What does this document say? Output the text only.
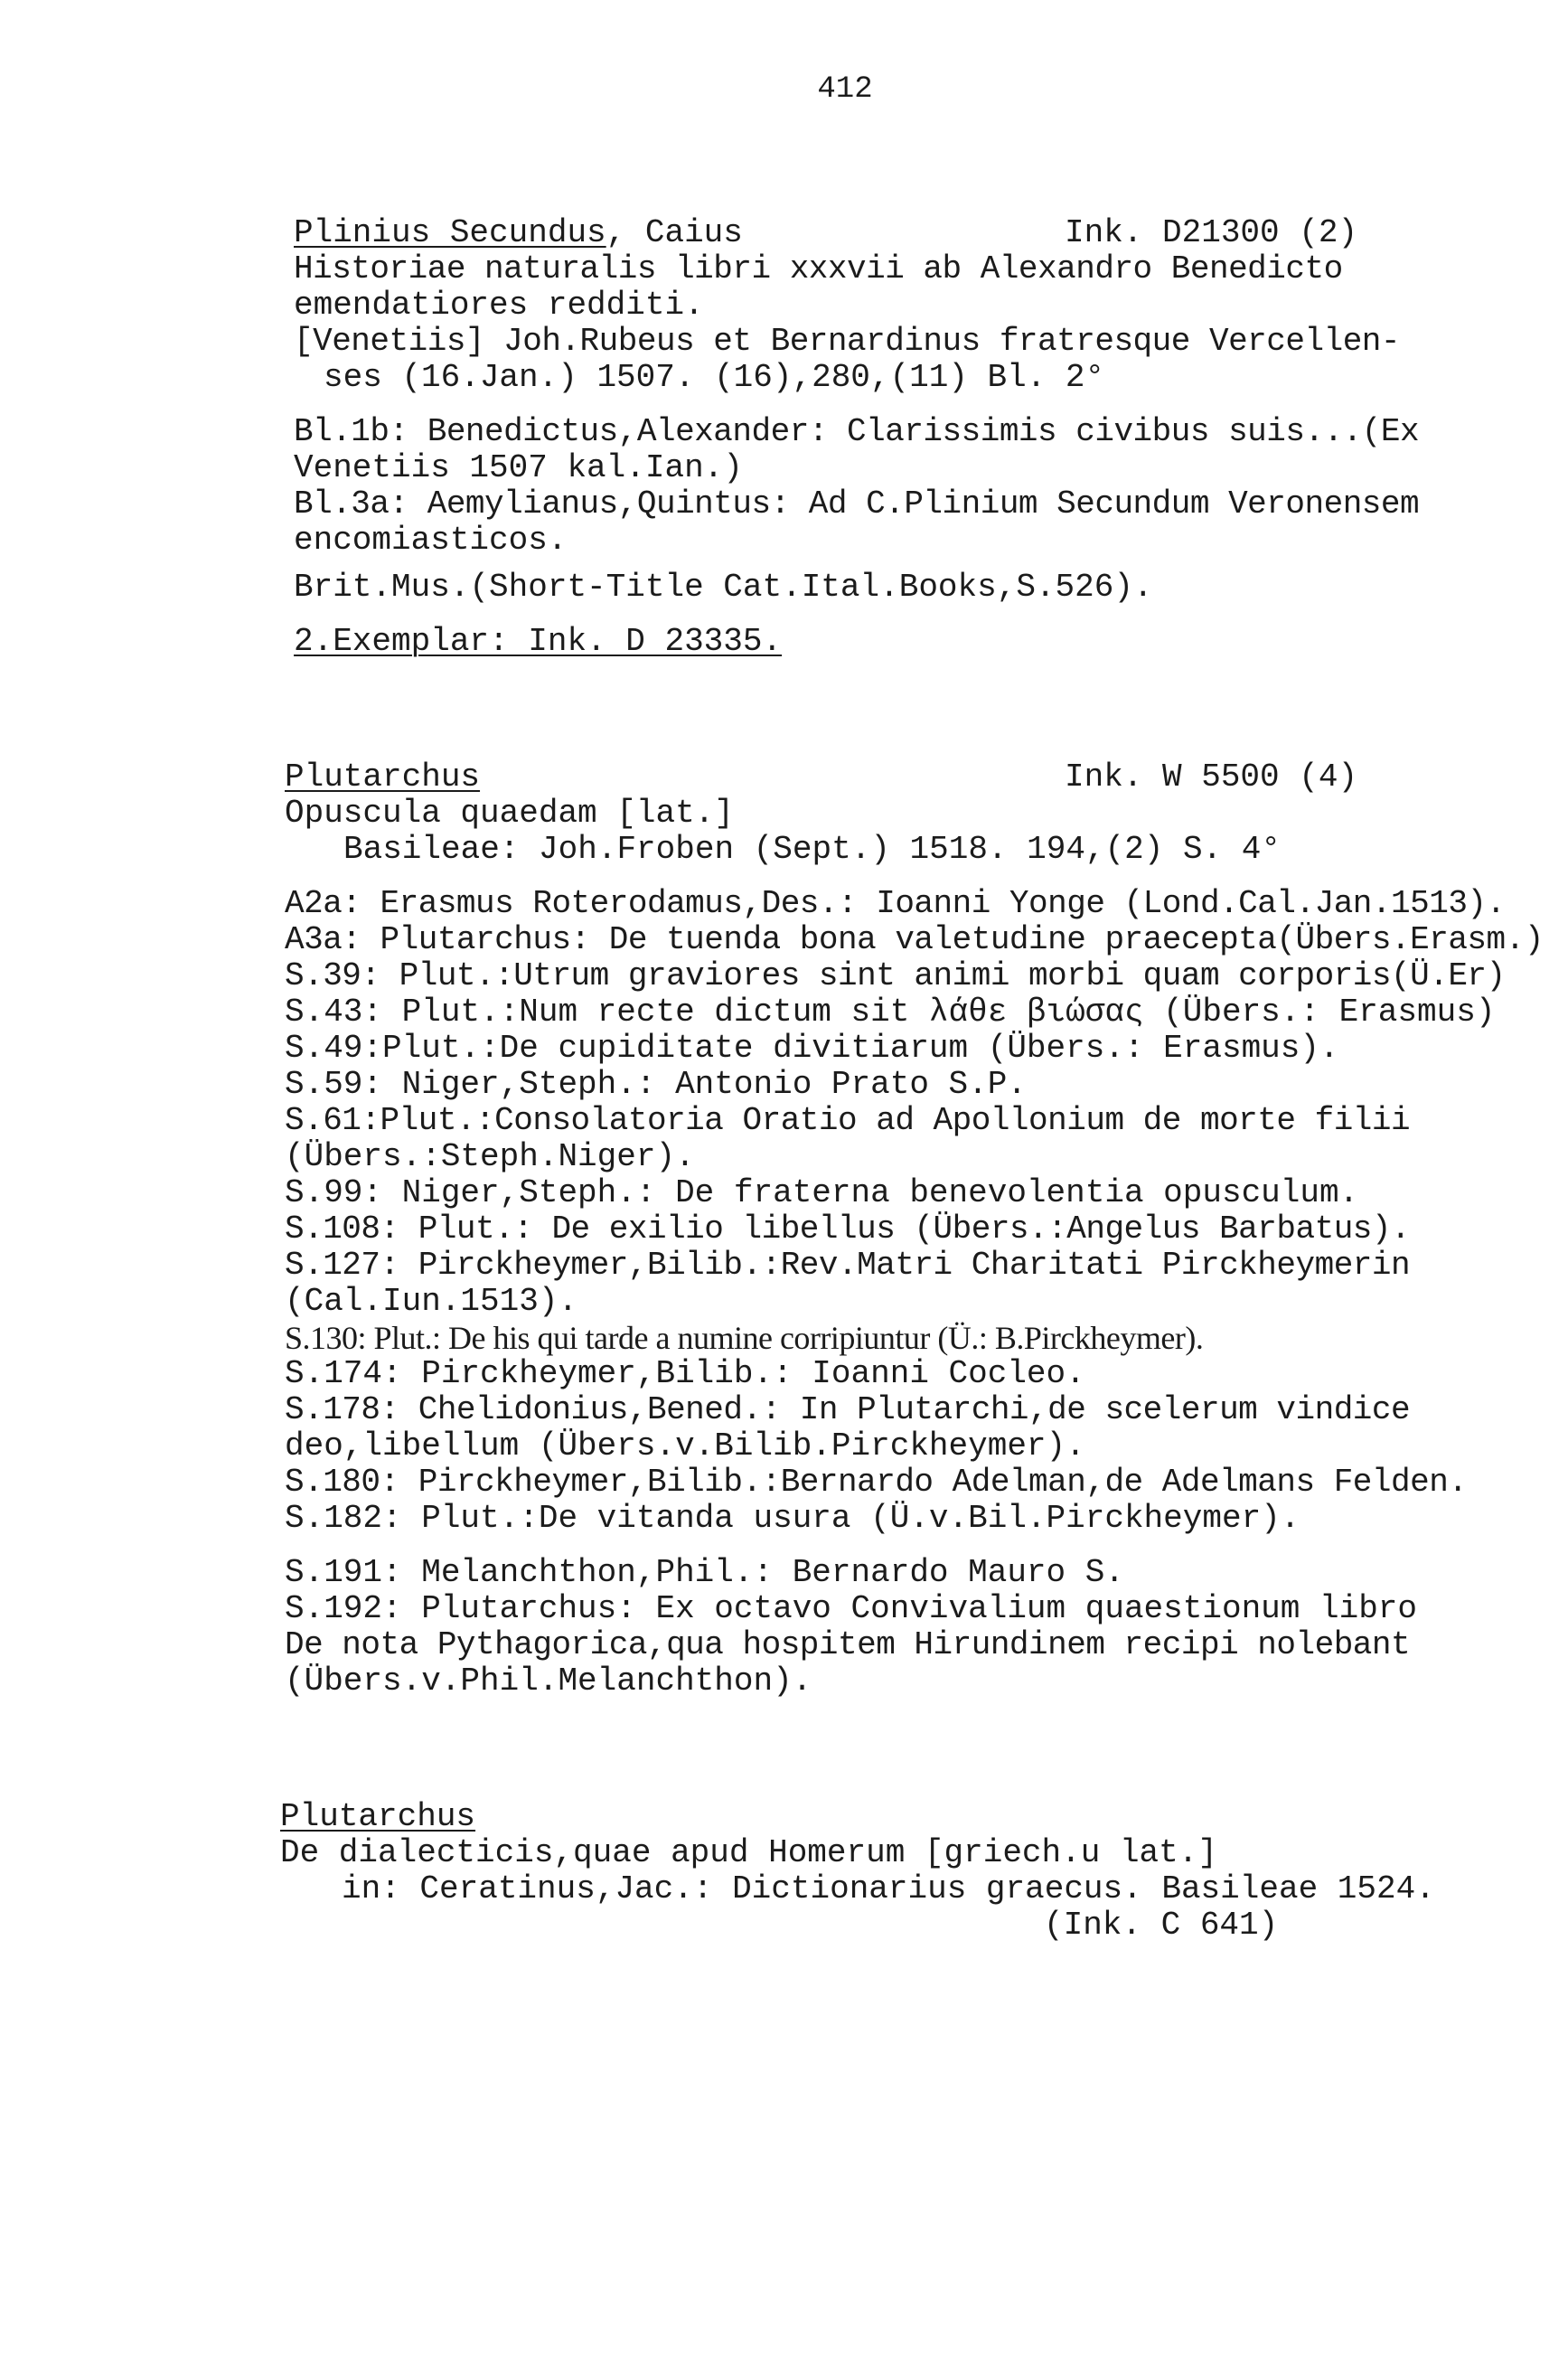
412
Plinius Secundus, Caius	Ink. D21300 (2)
Historiae naturalis libri xxxvii ab Alexandro Benedicto
emendatiores redditi.
[Venetiis] Joh.Rubeus et Bernardinus fratresque Vercellen-
ses (16.Jan.) 1507. (16),280,(11) Bl. 2°
Bl.1b: Benedictus,Alexander: Clarissimis civibus suis...(Ex
Venetiis 1507 kal.Ian.)
Bl.3a: Aemylianus,Quintus: Ad C.Plinium Secundum Veronensem
encomiasticos.
Brit.Mus.(Short-Title Cat.Ital.Books,S.526).
2.Exemplar: Ink. D 23335.
Plutarchus	Ink. W 5500 (4)
Opuscula quaedam [lat.]
Basileae: Joh.Froben (Sept.) 1518. 194,(2) S. 4°
A2a: Erasmus Roterodamus,Des.: Ioanni Yonge (Lond.Cal.Jan.1513).
A3a: Plutarchus: De tuenda bona valetudine praecepta(Übers.Erasm.)
S.39: Plut.:Utrum graviores sint animi morbi quam corporis(Ü.Er)
S.43: Plut.:Num recte dictum sit λάθε βιώσας (Übers.: Erasmus)
S.49:Plut.:De cupiditate divitiarum (Übers.: Erasmus).
S.59: Niger,Steph.: Antonio Prato S.P.
S.61:Plut.:Consolatoria Oratio ad Apollonium de morte filii
(Übers.:Steph.Niger).
S.99: Niger,Steph.: De fraterna benevolentia opusculum.
S.108: Plut.: De exilio libellus (Übers.:Angelus Barbatus).
S.127: Pirckheymer,Bilib.:Rev.Matri Charitati Pirckheymerin
(Cal.Iun.1513).
S.130: Plut.: De his qui tarde a numine corripiuntur (Ü.: B.Pirckheymer).
S.174: Pirckheymer,Bilib.: Ioanni Cocleo.
S.178: Chelidonius,Bened.: In Plutarchi,de scelerum vindice
deo,libellum (Übers.v.Bilib.Pirckheymer).
S.180: Pirckheymer,Bilib.:Bernardo Adelman,de Adelmans Felden.
S.182: Plut.:De vitanda usura (Ü.v.Bil.Pirckheymer).
S.191: Melanchthon,Phil.: Bernardo Mauro S.
S.192: Plutarchus: Ex octavo Convivalium quaestionum libro
De nota Pythagorica,qua hospitem Hirundinem recipi nolebant
(Übers.v.Phil.Melanchthon).
Plutarchus
De dialecticis,quae apud Homerum [griech.u lat.]
in: Ceratinus,Jac.: Dictionarius graecus. Basileae 1524.
(Ink. C 641)
